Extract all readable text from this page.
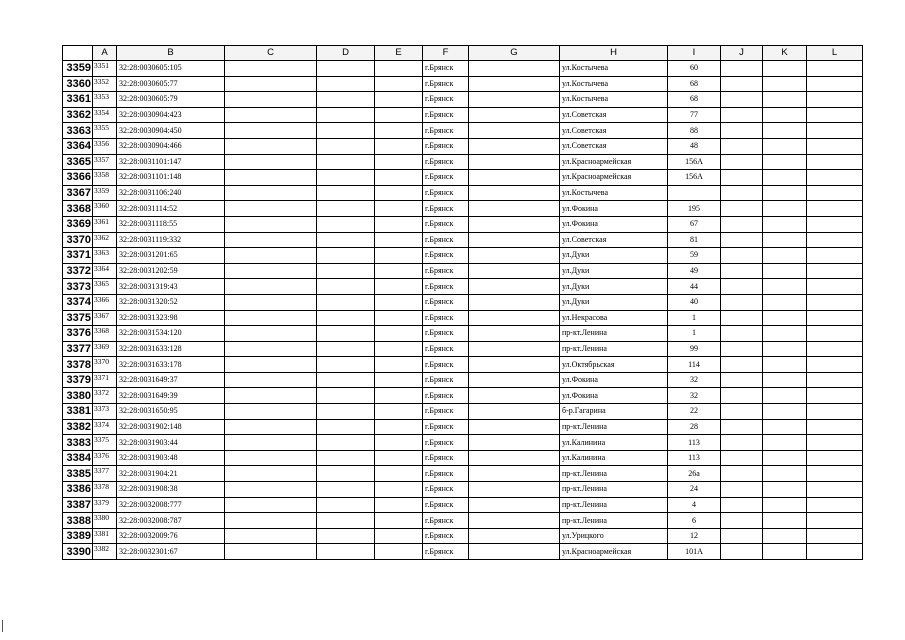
	A	B	C	D	E	F	G	H	I	J	K	L
3359	3351	32:28:0030605:105				г.Брянск		ул.Костычева	60			
3360	3352	32:28:0030605:77				г.Брянск		ул.Костычева	68			
3361	3353	32:28:0030605:79				г.Брянск		ул.Костычева	68			
3362	3354	32:28:0030904:423				г.Брянск		ул.Советская	77			
3363	3355	32:28:0030904:450				г.Брянск		ул.Советская	88			
3364	3356	32:28:0030904:466				г.Брянск		ул.Советская	48			
3365	3357	32:28:0031101:147				г.Брянск		ул.Красноармейская	156А			
3366	3358	32:28:0031101:148				г.Брянск		ул.Красноармейская	156А			
3367	3359	32:28:0031106:240				г.Брянск		ул.Костычева				
3368	3360	32:28:0031114:52				г.Брянск		ул.Фокина	195			
3369	3361	32:28:0031118:55				г.Брянск		ул.Фокина	67			
3370	3362	32:28:0031119:332				г.Брянск		ул.Советская	81			
3371	3363	32:28:0031201:65				г.Брянск		ул.Дуки	59			
3372	3364	32:28:0031202:59				г.Брянск		ул.Дуки	49			
3373	3365	32:28:0031319:43				г.Брянск		ул.Дуки	44			
3374	3366	32:28:0031320:52				г.Брянск		ул.Дуки	40			
3375	3367	32:28:0031323:98				г.Брянск		ул.Некрасова	1			
3376	3368	32:28:0031534:120				г.Брянск		пр-кт.Ленина	1			
3377	3369	32:28:0031633:128				г.Брянск		пр-кт.Ленина	99			
3378	3370	32:28:0031633:178				г.Брянск		ул.Октябрьская	114			
3379	3371	32:28:0031649:37				г.Брянск		ул.Фокина	32			
3380	3372	32:28:0031649:39				г.Брянск		ул.Фокина	32			
3381	3373	32:28:0031650:95				г.Брянск		б-р.Гагарина	22			
3382	3374	32:28:0031902:148				г.Брянск		пр-кт.Ленина	28			
3383	3375	32:28:0031903:44				г.Брянск		ул.Калинина	113			
3384	3376	32:28:0031903:48				г.Брянск		ул.Калинина	113			
3385	3377	32:28:0031904:21				г.Брянск		пр-кт.Ленина	26а			
3386	3378	32:28:0031908:38				г.Брянск		пр-кт.Ленина	24			
3387	3379	32:28:0032008:777				г.Брянск		пр-кт.Ленина	4			
3388	3380	32:28:0032008:787				г.Брянск		пр-кт.Ленина	6			
3389	3381	32:28:0032009:76				г.Брянск		ул.Урицкого	12			
3390	3382	32:28:0032301:67				г.Брянск		ул.Красноармейская	101А			
